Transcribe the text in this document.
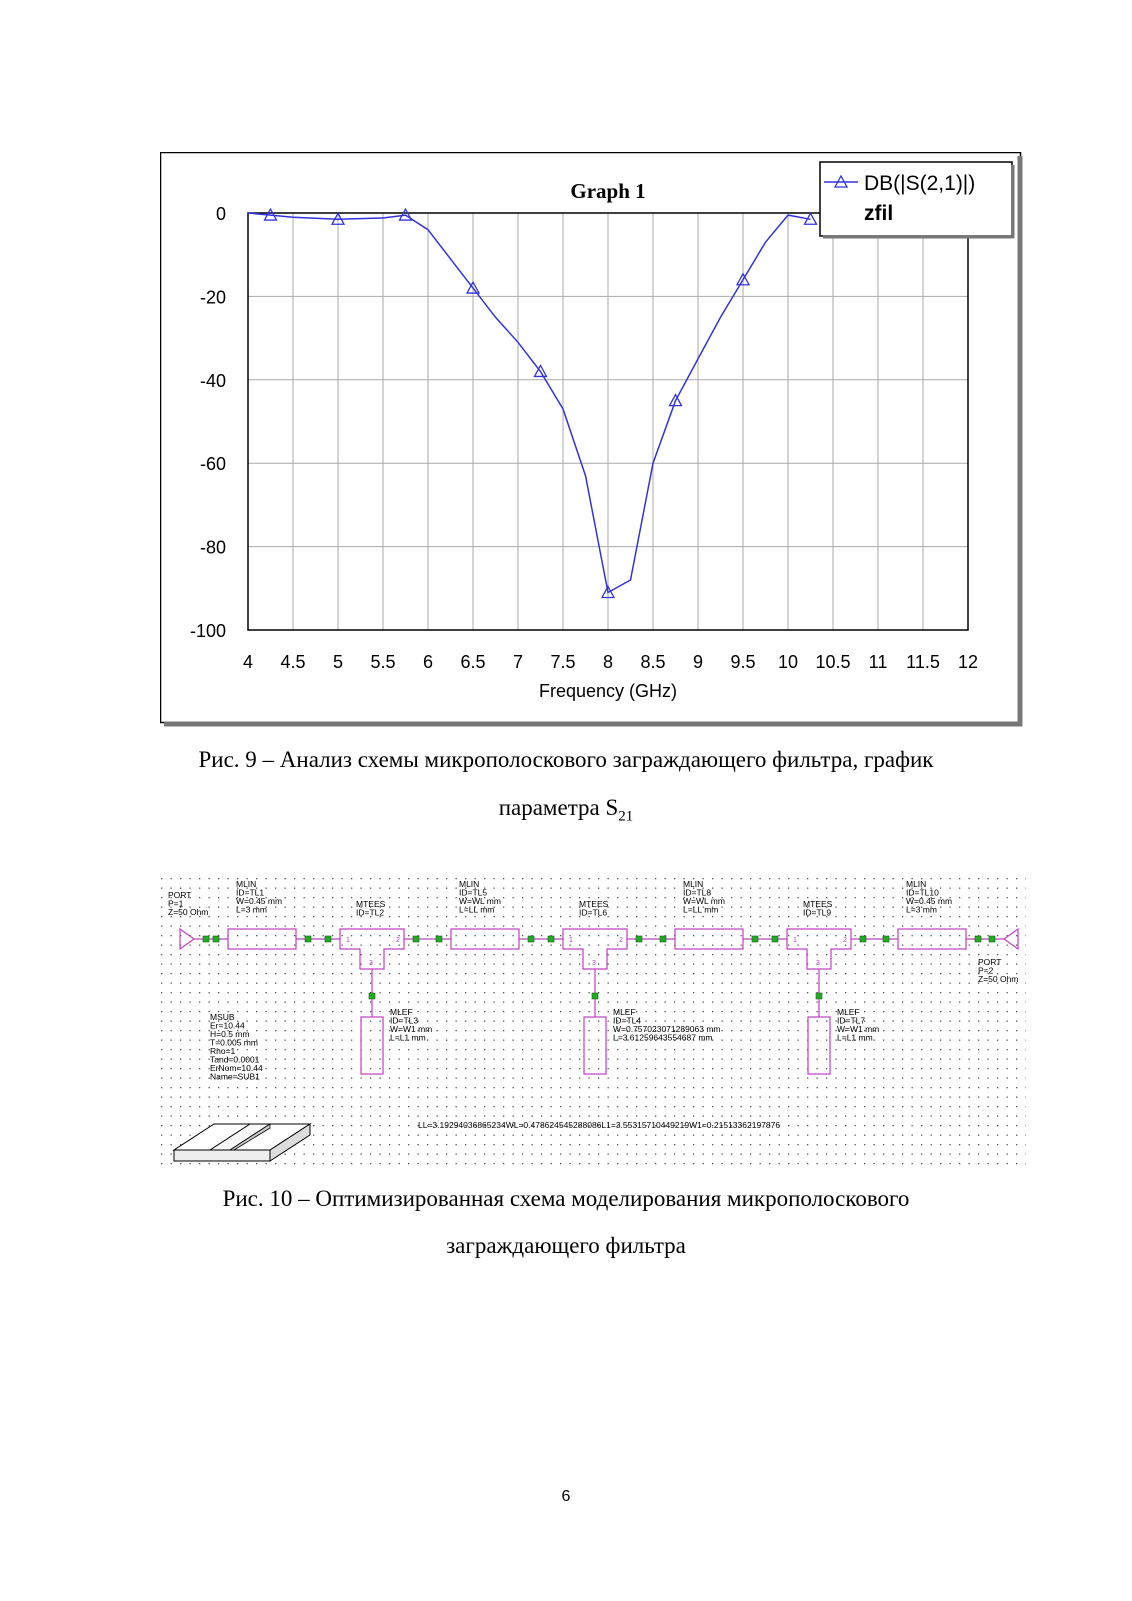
Graph 1
0
-20
-40
-60
-80
-100
4 4.5 5 5.5 6 6.5 7 7.5 8 8.5 9 9.5 10 10.5 11 11.5 12
Frequency (GHz)
DB(|S(2,1)|)
zfil
Рис. 9 – Анализ схемы микрополоскового заграждающего фильтра, график
параметра $S_{21}$
PORT P=1 Z=50 Ohm
PORT P=2 Z=50 Ohm
MLIN ID=TL1 W=0.45 mm L=3 mm
MLIN ID=TL5 W=WL mm L=LL mm
MLIN ID=TL8 W=WL mm L=LL mm
MLIN ID=TL10 W=0.45 mm L=3 mm
1	2
3
MTEES ID=TL2
MLEF ID=TL3 W=W1 mm L=L1 mm
1	2
3
MTEES ID=TL6
MLEF ID=TL4 W=0.757023071289063 mm L=3.61259643554687 mm
1	2
3
MTEES ID=TL9
MLEF ID=TL7 W=W1 mm L=L1 mm
MSUB Er=10.44 H=0.5 mm T=0.005 mm Rho=1 Tand=0.0001 ErNom=10.44 Name=SUB1
LL=3.19294036865234WL=0.478624545288086L1=3.55315710449219W1=0.21513362197876
Рис. 10 – Оптимизированная схема моделирования микрополоскового
заграждающего фильтра
6
